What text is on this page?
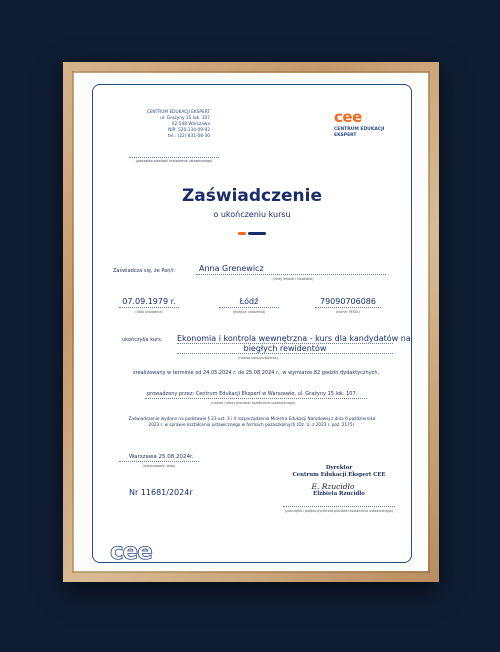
CENTRUM EDUKACJI EKSPERT
ul. Grażyny 15 lok. 107
02-548 Warszawa
NIP: 520-134-09-92
tel.: (22) 831-08-30
(pieczątka placówki kształcenia ustawicznego)
cee
CENTRUM EDUKACJI
EKSPERT
Zaświadczenie
o ukończeniu kursu
Zaświadcza się, że Pan/i:	Anna Grenewicz
(imię/ imiona i nazwisko)
07.09.1979 r.
(data urodzenia)
Łódź
(miejsce urodzenia)
79090706086
(numer PESEL)
ukończył/a kurs: Ekonomia i kontrola wewnętrzna - kurs dla kandydatów na
biegłych rewidentów
(nazwa kursu/szkolenia)
zrealizowany w terminie od 24.05.2024 r. do 25.08.2024 r., w wymiarze 82 godzin dydaktycznych,
prowadzony przez: Centrum Edukacji Ekspert w Warszawie, ul. Grażyny 15 lok. 107.
(nazwa i adres placówki kształcenia ustawicznego)
Zaświadczenie wydano na podstawie § 23 ust. 3 i 4 rozporządzenia Ministra Edukacji Narodowej z dnia 6 października
2023 r. w sprawie kształcenia ustawicznego w formach pozaszkolnych (Dz. U. z 2023 r. poz. 2175).
Warszawa 25.08.2024r.
(miejscowość, data)
Nr 11681/2024r
Dyrektor
Centrum Edukacji Ekspert CEE
E. Rzucidło
Elżbieta Rzucidło
(pieczątka i podpis dyrektora placówki kształcenia ustawicznego)
cee
